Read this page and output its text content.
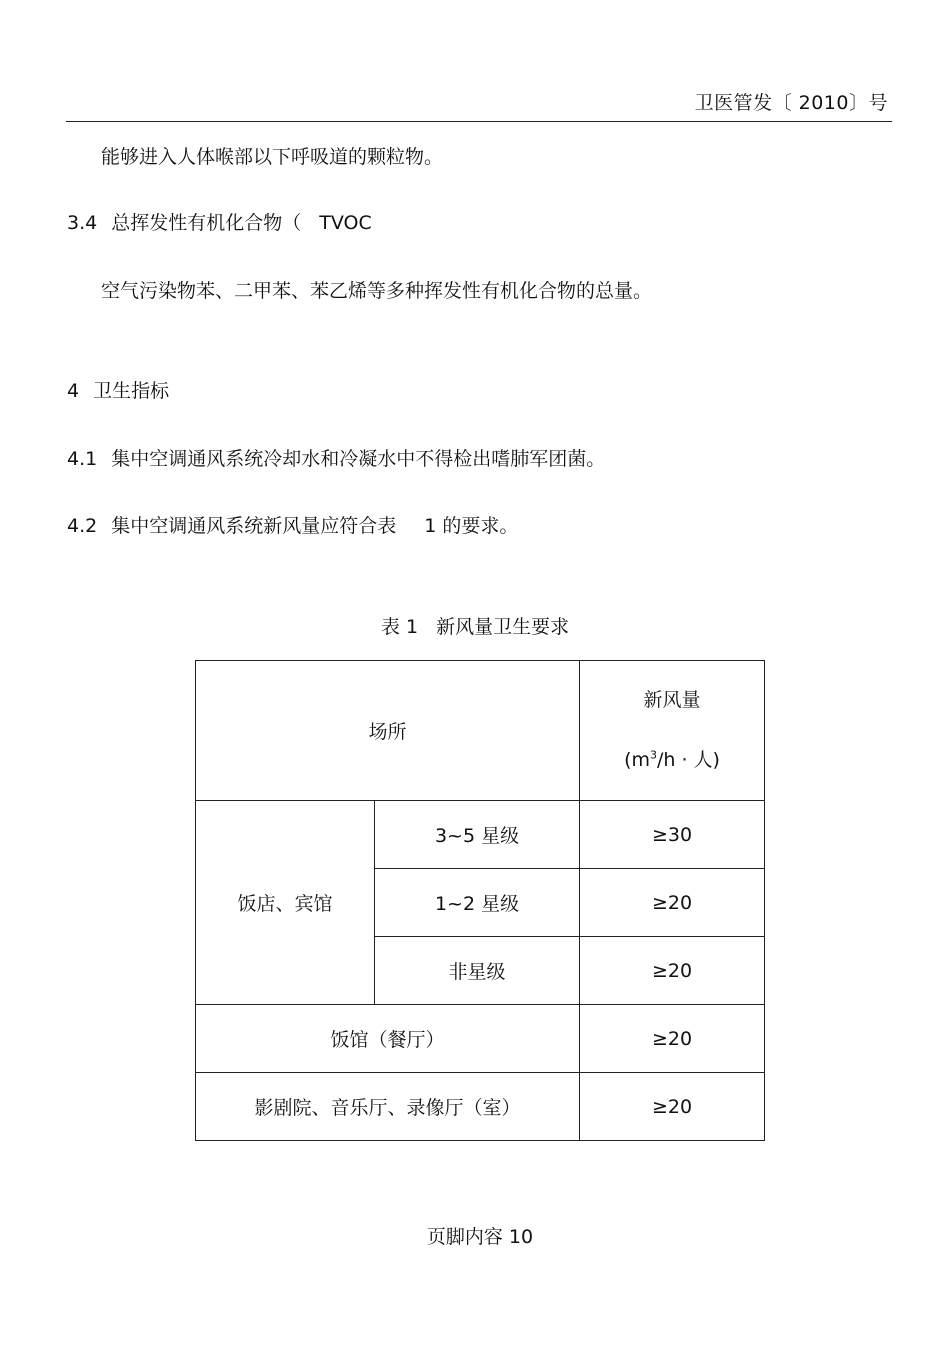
卫医管发〔 2010〕号
能够进入人体喉部以下呼吸道的颗粒物。
3.4 总挥发性有机化合物（ TVOC
空气污染物苯、二甲苯、苯乙烯等多种挥发性有机化合物的总量。
4 卫生指标
4.1 集中空调通风系统冷却水和冷凝水中不得检出嗜肺军团菌。
4.2 集中空调通风系统新风量应符合表 1 的要求。
表 1 新风量卫生要求
场所		新风量
($m^3/h$ · 人)

饭店、宾馆	3~5 星级	≥30
	1~2 星级	≥20
	非星级	≥20
饭馆（餐厅）		≥20
影剧院、音乐厅、录像厅（室）		≥20
页脚内容 10
